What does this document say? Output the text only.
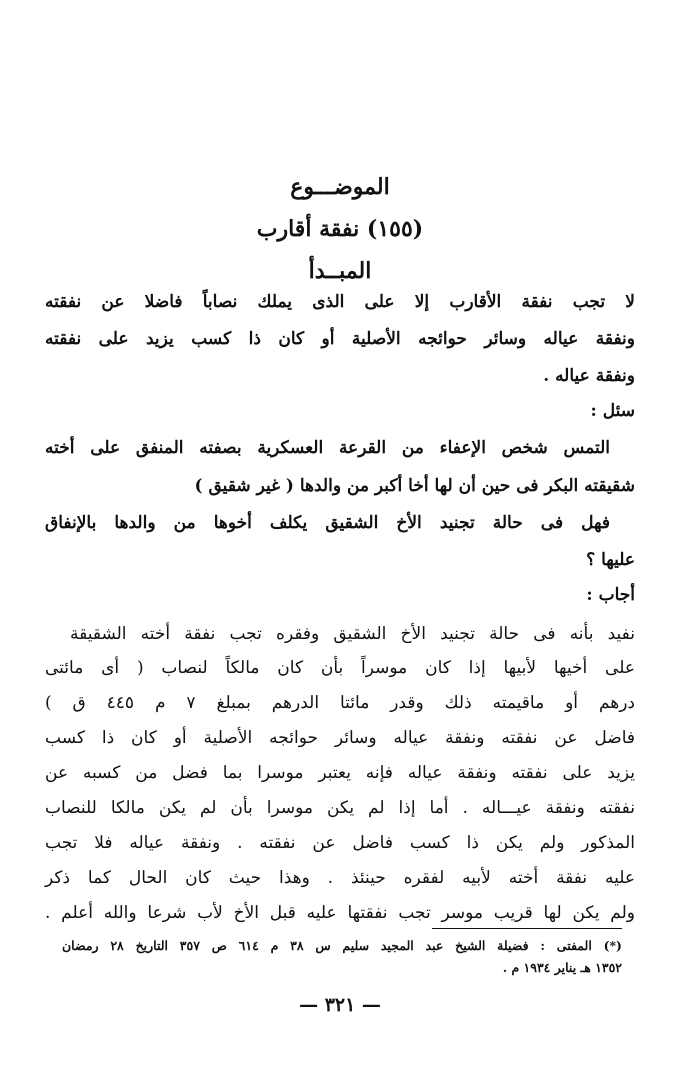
الموضـــوع
(١٥٥) نفقة أقارب
المبــدأ
لا تجب نفقة الأقارب إلا على الذى يملك نصاباً فاضلا عن نفقته
ونفقة عياله وسائر حوائجه الأصلية أو كان ذا كسب يزيد على نفقته
ونفقة عياله .
سئل :
التمس شخص الإعفاء من القرعة العسكرية بصفته المنفق على أخته
شقيقته البكر فى حين أن لها أخا أكبر من والدها ( غير شقيق )
فهل فى حالة تجنيد الأخ الشقيق يكلف أخوها من والدها بالإنفاق
عليها ؟
أجاب :
نفيد بأنه فى حالة تجنيد الأخ الشقيق وفقره تجب نفقة أخته الشقيقة
على أخيها لأبيها إذا كان موسراً بأن كان مالكاً لنصاب ( أى مائتى
درهم أو ماقيمته ذلك وقدر مائتا الدرهم بمبلغ ٧ م ٤٤٥ ق )
فاضل عن نفقته ونفقة عياله وسائر حوائجه الأصلية أو كان ذا كسب
يزيد على نفقته ونفقة عياله فإنه يعتبر موسرا بما فضل من كسبه عن
نفقته ونفقة عيـــاله . أما إذا لم يكن موسرا بأن لم يكن مالكا للنصاب
المذكور ولم يكن ذا كسب فاضل عن نفقته . ونفقة عياله فلا تجب
عليه نفقة أخته لأبيه لفقره حينئذ . وهذا حيث كان الحال كما ذكر
ولم يكن لها قريب موسر تجب نفقتها عليه قبل الأخ لأب شرعا والله أعلم .
(*) المفتى : فضيلة الشيخ عبد المجيد سليم س ٣٨ م ٦١٤ ص ٣٥٧ التاريخ ٢٨ رمضان
١٣٥٢ هـ يناير ١٩٣٤ م .
— ٣٢١ —
